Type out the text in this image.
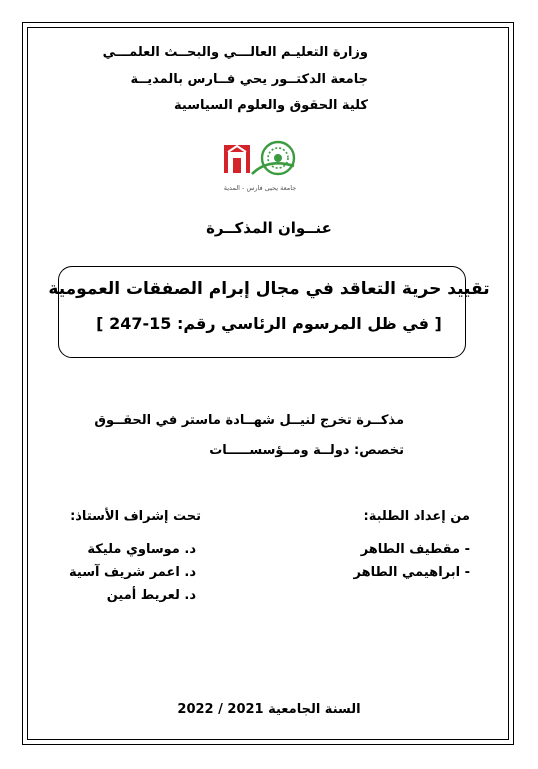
وزارة التعليـم العالـــي والبحــث العلمـــي
جامعة الدكتــور يحي فــارس بالمديــة
كلية الحقوق والعلوم السياسية
جامعة يحيى فارس - المدية
عنــوان المذكــرة
تقييد حرية التعاقد في مجال إبرام الصفقات العمومية
[ في ظل المرسوم الرئاسي رقم: 15-247 ]
مذكــرة تخرج لنيــل شهــادة ماستر في الحقــوق
تخصص: دولــة ومــؤسســـــات
من إعداد الطلبة:
تحت إشراف الأستاذ:
- مقطيف الطاهر
- ابراهيمي الطاهر
د. موساوي مليكة
د. اعمر شريف آسية
د. لعريط أمين
السنة الجامعية 2021 / 2022
